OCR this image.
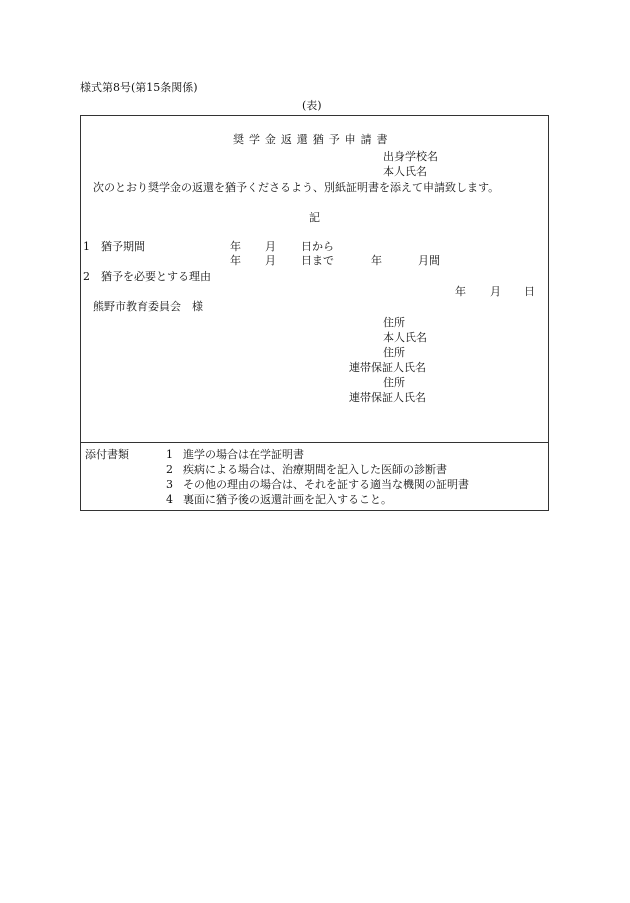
様式第8号(第15条関係)
(表)
奨学金返還猶予申請書
出身学校名
本人氏名
次のとおり奨学金の返還を猶予くださるよう、別紙証明書を添えて申請致します。
記
1　猶予期間	年 月 日から
年 月 日まで	年	月間
2　猶予を必要とする理由
年 月 日
熊野市教育委員会　様
住所
本人氏名
住所
連帯保証人氏名
住所
連帯保証人氏名
添付書類	1 進学の場合は在学証明書
2 疾病による場合は、治療期間を記入した医師の診断書
3 その他の理由の場合は、それを証する適当な機関の証明書
4 裏面に猶予後の返還計画を記入すること。
